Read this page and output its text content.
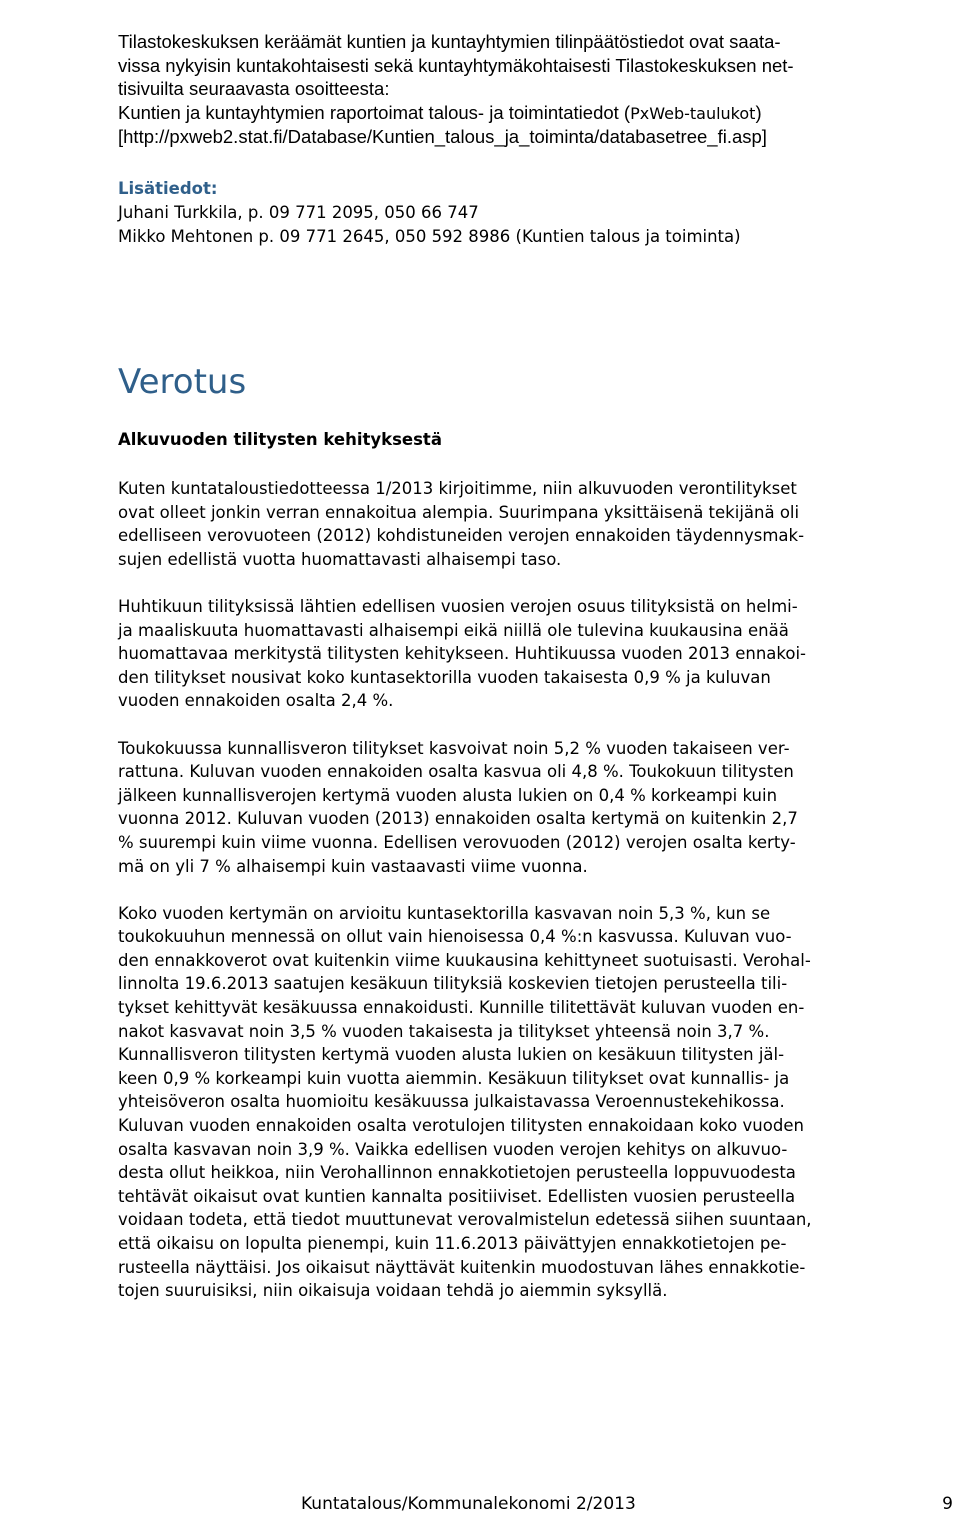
Tilastokeskuksen keräämät kuntien ja kuntayhtymien tilinpäätöstiedot ovat saata-

vissa nykyisin kuntakohtaisesti sekä kuntayhtymäkohtaisesti Tilastokeskuksen net-

tisivuilta seuraavasta osoitteesta:

Kuntien ja kuntayhtymien raportoimat talous- ja toimintatiedot (PxWeb-taulukot)

[http://pxweb2.stat.fi/Database/Kuntien_talous_ja_toiminta/databasetree_fi.asp]

Lisätiedot:

Juhani Turkkila, p. 09 771 2095, 050 66 747

Mikko Mehtonen p. 09 771 2645, 050 592 8986 (Kuntien talous ja toiminta)

Verotus
Alkuvuoden tilitysten kehityksestä

Kuten kuntataloustiedotteessa 1/2013 kirjoitimme, niin alkuvuoden verontilitykset
ovat olleet jonkin verran ennakoitua alempia. Suurimpana yksittäisenä tekijänä oli
edelliseen verovuoteen (2012) kohdistuneiden verojen ennakoiden täydennysmak-
sujen edellistä vuotta huomattavasti alhaisempi taso.

Huhtikuun tilityksissä lähtien edellisen vuosien verojen osuus tilityksistä on helmi-
ja maaliskuuta huomattavasti alhaisempi eikä niillä ole tulevina kuukausina enää
huomattavaa merkitystä tilitysten kehitykseen. Huhtikuussa vuoden 2013 ennakoi-
den tilitykset nousivat koko kuntasektorilla vuoden takaisesta 0,9 % ja kuluvan
vuoden ennakoiden osalta 2,4 %.

Toukokuussa kunnallisveron tilitykset kasvoivat noin 5,2 % vuoden takaiseen ver-
rattuna. Kuluvan vuoden ennakoiden osalta kasvua oli 4,8 %. Toukokuun tilitysten
jälkeen kunnallisverojen kertymä vuoden alusta lukien on 0,4 % korkeampi kuin
vuonna 2012. Kuluvan vuoden (2013) ennakoiden osalta kertymä on kuitenkin 2,7
% suurempi kuin viime vuonna. Edellisen verovuoden (2012) verojen osalta kerty-
mä on yli 7 % alhaisempi kuin vastaavasti viime vuonna.

Koko vuoden kertymän on arvioitu kuntasektorilla kasvavan noin 5,3 %, kun se
toukokuuhun mennessä on ollut vain hienoisessa 0,4 %:n kasvussa. Kuluvan vuo-
den ennakkoverot ovat kuitenkin viime kuukausina kehittyneet suotuisasti. Verohal-
linnolta 19.6.2013 saatujen kesäkuun tilityksiä koskevien tietojen perusteella tili-
tykset kehittyvät kesäkuussa ennakoidusti. Kunnille tilitettävät kuluvan vuoden en-
nakot kasvavat noin 3,5 % vuoden takaisesta ja tilitykset yhteensä noin 3,7 %.
Kunnallisveron tilitysten kertymä vuoden alusta lukien on kesäkuun tilitysten jäl-
keen 0,9 % korkeampi kuin vuotta aiemmin. Kesäkuun tilitykset ovat kunnallis- ja
yhteisöveron osalta huomioitu kesäkuussa julkaistavassa Veroennustekehikossa.
Kuluvan vuoden ennakoiden osalta verotulojen tilitysten ennakoidaan koko vuoden
osalta kasvavan noin 3,9 %. Vaikka edellisen vuoden verojen kehitys on alkuvuo-
desta ollut heikkoa, niin Verohallinnon ennakkotietojen perusteella loppuvuodesta
tehtävät oikaisut ovat kuntien kannalta positiiviset. Edellisten vuosien perusteella
voidaan todeta, että tiedot muuttunevat verovalmistelun edetessä siihen suuntaan,
että oikaisu on lopulta pienempi, kuin 11.6.2013 päivättyjen ennakkotietojen pe-
rusteella näyttäisi. Jos oikaisut näyttävät kuitenkin muodostuvan lähes ennakkotie-
tojen suuruisiksi, niin oikaisuja voidaan tehdä jo aiemmin syksyllä.

Kuntatalous/Kommunalekonomi 2/2013	9
